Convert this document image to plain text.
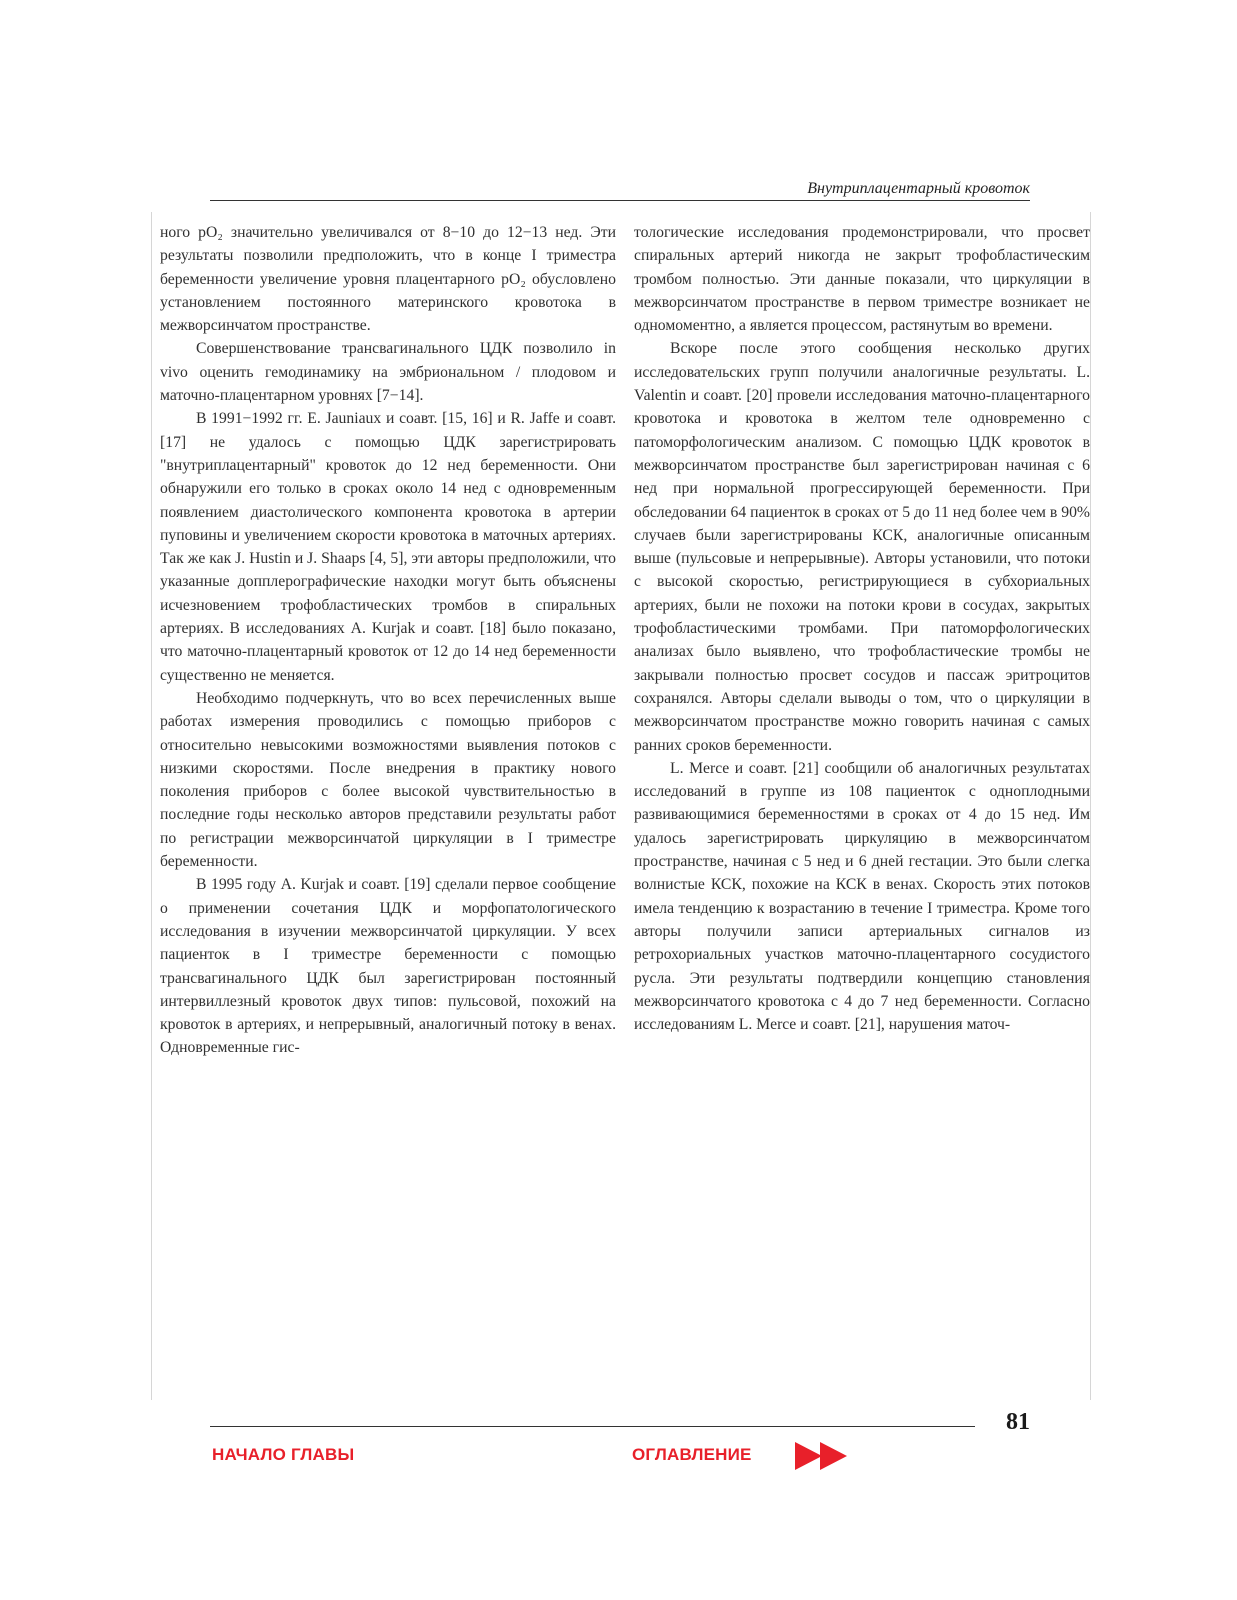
Внутриплацентарный кровоток

ного pO₂ значительно увеличивался от 8−10 до 12−13 нед. Эти результаты позволили предположить, что в конце I триместра беременности увеличение уровня плацентарного pO₂ обусловлено установлением постоянного материнского кровотока в межворсинчатом пространстве.

Совершенствование трансвагинального ЦДК позволило in vivo оценить гемодинамику на эмбриональном / плодовом и маточно-плацентарном уровнях [7−14].

В 1991−1992 гг. E. Jauniaux и соавт. [15, 16] и R. Jaffe и соавт. [17] не удалось с помощью ЦДК зарегистрировать "внутриплацентарный" кровоток до 12 нед беременности. Они обнаружили его только в сроках около 14 нед с одновременным появлением диастолического компонента кровотока в артерии пуповины и увеличением скорости кровотока в маточных артериях. Так же как J. Hustin и J. Shaaps [4, 5], эти авторы предположили, что указанные допплерографические находки могут быть объяснены исчезновением трофобластических тромбов в спиральных артериях. В исследованиях A. Kurjak и соавт. [18] было показано, что маточно-плацентарный кровоток от 12 до 14 нед беременности существенно не меняется.

Необходимо подчеркнуть, что во всех перечисленных выше работах измерения проводились с помощью приборов с относительно невысокими возможностями выявления потоков с низкими скоростями. После внедрения в практику нового поколения приборов с более высокой чувствительностью в последние годы несколько авторов представили результаты работ по регистрации межворсинчатой циркуляции в I триместре беременности.

В 1995 году A. Kurjak и соавт. [19] сделали первое сообщение о применении сочетания ЦДК и морфопатологического исследования в изучении межворсинчатой циркуляции. У всех пациенток в I триместре беременности с помощью трансвагинального ЦДК был зарегистрирован постоянный интервиллезный кровоток двух типов: пульсовой, похожий на кровоток в артериях, и непрерывный, аналогичный потоку в венах. Одновременные гис-

тологические исследования продемонстрировали, что просвет спиральных артерий никогда не закрыт трофобластическим тромбом полностью. Эти данные показали, что циркуляции в межворсинчатом пространстве в первом триместре возникает не одномоментно, а является процессом, растянутым во времени.

Вскоре после этого сообщения несколько других исследовательских групп получили аналогичные результаты. L. Valentin и соавт. [20] провели исследования маточно-плацентарного кровотока и кровотока в желтом теле одновременно с патоморфологическим анализом. С помощью ЦДК кровоток в межворсинчатом пространстве был зарегистрирован начиная с 6 нед при нормальной прогрессирующей беременности. При обследовании 64 пациенток в сроках от 5 до 11 нед более чем в 90% случаев были зарегистрированы КСК, аналогичные описанным выше (пульсовые и непрерывные). Авторы установили, что потоки с высокой скоростью, регистрирующиеся в субхориальных артериях, были не похожи на потоки крови в сосудах, закрытых трофобластическими тромбами. При патоморфологических анализах было выявлено, что трофобластические тромбы не закрывали полностью просвет сосудов и пассаж эритроцитов сохранялся. Авторы сделали выводы о том, что о циркуляции в межворсинчатом пространстве можно говорить начиная с самых ранних сроков беременности.

L. Merce и соавт. [21] сообщили об аналогичных результатах исследований в группе из 108 пациенток с одноплодными развивающимися беременностями в сроках от 4 до 15 нед. Им удалось зарегистрировать циркуляцию в межворсинчатом пространстве, начиная с 5 нед и 6 дней гестации. Это были слегка волнистые КСК, похожие на КСК в венах. Скорость этих потоков имела тенденцию к возрастанию в течение I триместра. Кроме того авторы получили записи артериальных сигналов из ретрохориальных участков маточно-плацентарного сосудистого русла. Эти результаты подтвердили концепцию становления межворсинчатого кровотока с 4 до 7 нед беременности. Согласно исследованиям L. Merce и соавт. [21], нарушения маточ-

81
НАЧАЛО ГЛАВЫ	ОГЛАВЛЕНИЕ
